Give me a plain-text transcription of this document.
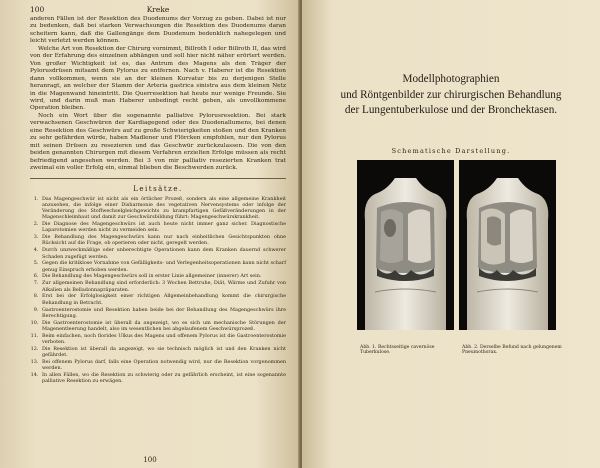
100	Kreke

anderen Fällen ist der Resektion des Duodenums der Vorzug zu geben. Dabei ist nur zu bedenken, daß bei starken Verwachsungen die Resektion des Duodenums daran scheitern kann, daß die Gallengänge dem Duodenum bedenklich nahegelegen und leicht verletzt werden können.

Welche Art von Resektion der Chirurg vornimmt, Billroth I oder Billroth II, das wird von der Erfahrung des einzelnen abhängen und soll hier nicht näher erörtert werden. Von großer Wichtigkeit ist es, das Antrum des Magens als den Träger der Pylorusdrüsen mitsamt dem Pylorus zu entfernen. Nach v. Haberer ist die Resektion dann vollkommen, wenn sie an der kleinen Kurvatur bis zu derjenigen Stelle heranragt, an welcher der Stamm der Arteria gastrica sinistra aus dem kleinen Netz in die Magenwand hineintritt. Die Querresektion hat heute nur wenige Freunde. Sie wird, und darin muß man Haberer unbedingt recht geben, als unvollkommene Operation bleiben.

Noch ein Wort über die sogenannte palliative Pylorusresektion. Bei stark verwachsenen Geschwüren der Kardiagegend oder des Duodenallumens, bei denen eine Resektion des Geschwürs auf zu große Schwierigkeiten stoßen und den Kranken zu sehr gefährden würde, haben Madlener und Flörcken empfohlen, nur den Pylorus mit seinen Drüsen zu resezieren und das Geschwür zurückzulassen. Die von den beiden genannten Chirurgen mit diesem Verfahren erzielten Erfolge müssen als recht befriedigend angesehen werden. Bei 3 von mir palliativ resezierten Kranken trat zweimal ein voller Erfolg ein, einmal blieben die Beschwerden zurück.

Leitsätze.
1. Das Magengeschwür ist nicht als ein örtlicher Prozeß, sondern als eine allgemeine Krankheit anzusehen, die infolge einer Disharmonie des vegetativen Nervensystems oder infolge der Veränderung des Stoffwechselgleichgewichts zu krampfartigen Gefäßveränderungen in der Magenschleimhaut und damit zur Geschwürsbildung führt: Magengeschwürskrankheit.
2. Die Diagnose des Magengeschwürs ist auch heute nicht immer ganz sicher. Diagnostische Laparotomien werden nicht zu vermeiden sein.
3. Die Behandlung des Magengeschwürs kann nur nach einheitlichen Gesichtspunkten ohne Rücksicht auf die Frage, ob operieren oder nicht, geregelt werden.
4. Durch unzweckmäßige oder unberechtigte Operationen kann dem Kranken dauernd schwerer Schaden zugefügt werden.
5. Gegen die kritiklose Vornahme von Gefälligkeits- und Verlegenheitsoperationen kann nicht scharf genug Einspruch erhoben werden.
6. Die Behandlung des Magengeschwürs soll in erster Linie allgemeiner (innerer) Art sein.
7. Zur allgemeinen Behandlung sind erforderlich: 3 Wochen Bettruhe, Diät, Wärme und Zufuhr von Alkalien als Belladonnapräparaten.
8. Erst bei der Erfolglosigkeit einer richtigen Allgemeinbehandlung kommt die chirurgische Behandlung in Betracht.
9. Gastroenterostomie und Resektion haben beide bei der Behandlung des Magengeschwürs ihre Berechtigung.
10. Die Gastroenterostomie ist überall da angezeigt, wo es sich um mechanische Störungen der Magenentleerung handelt, also im wesentlichen bei abgelaufenem Geschwürsprozeß.
11. Beim einfachen, noch florides Ulkus des Magens und offenem Pylorus ist die Gastroenterostomie verboten.
12. Die Resektion ist überall da angezeigt, wo sie technisch möglich ist und den Kranken nicht gefährdet.
13. Bei offenem Pylorus darf, falls eine Operation notwendig wird, nur die Resektion vorgenommen werden.
14. In allen Fällen, wo die Resektion zu schwierig oder zu gefährlich erscheint, ist eine sogenannte palliative Resektion zu erwägen.
100
Modellphotographien
und Röntgenbilder zur chirurgischen Behandlung
der Lungentuberkulose und der Bronchektasen.
Schematische Darstellung.
Abb. 1. Rechtsseitige cavernöse Tuberkulose.
Abb. 2. Derselbe Befund nach gelungenem Pneumothorax.
